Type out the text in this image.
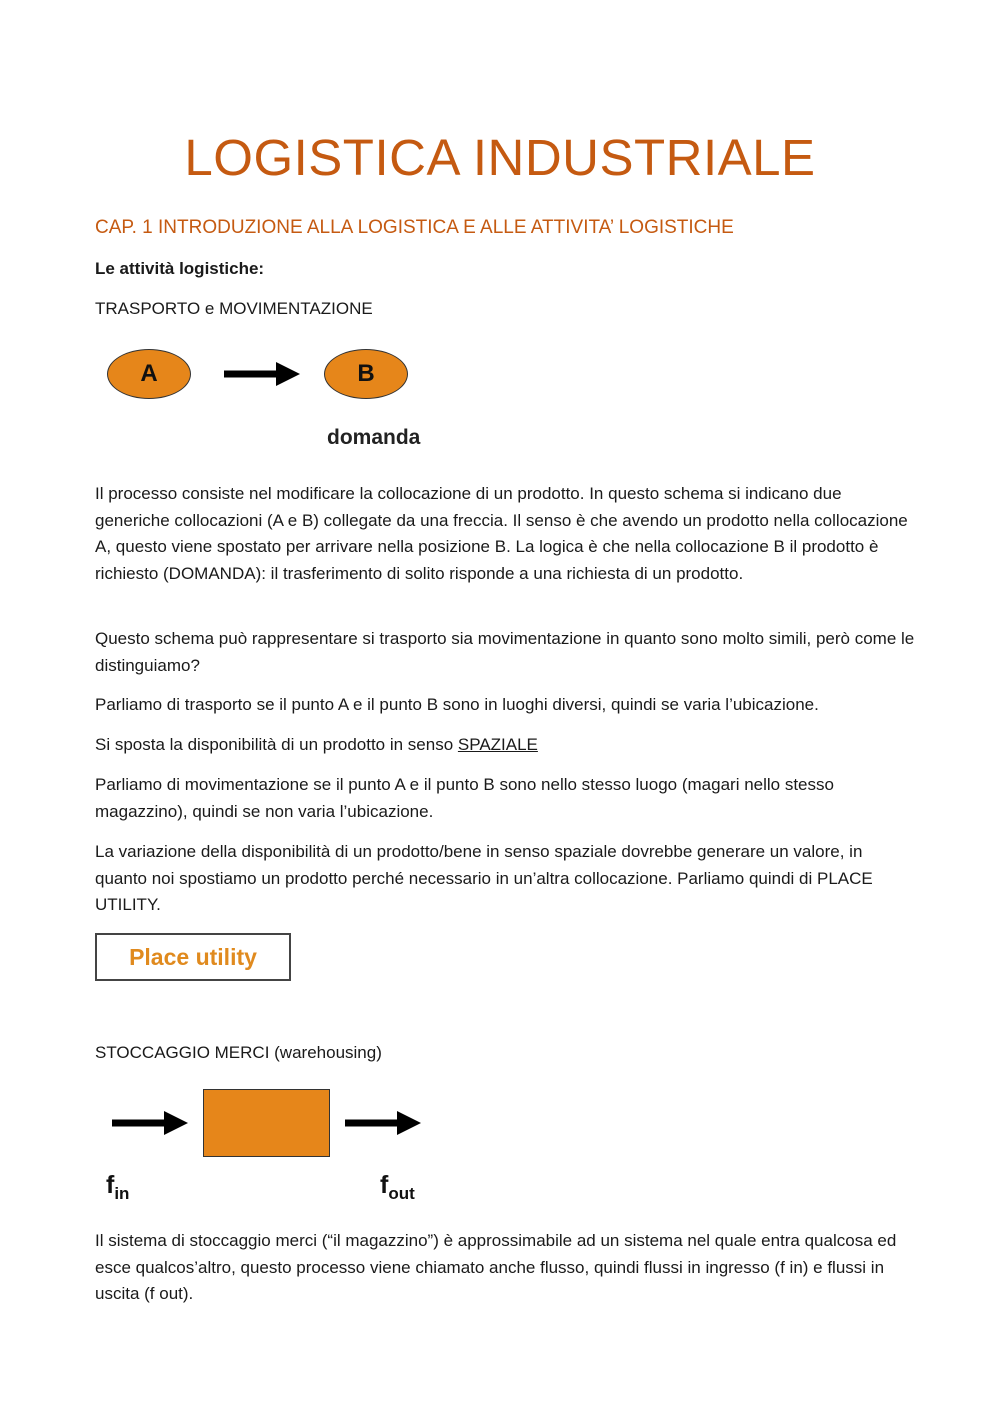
LOGISTICA INDUSTRIALE
CAP. 1 INTRODUZIONE ALLA LOGISTICA E ALLE ATTIVITA’ LOGISTICHE
Le attività logistiche:
TRASPORTO e MOVIMENTAZIONE
A	B
domanda
Il processo consiste nel modificare la collocazione di un prodotto. In questo schema si indicano due generiche collocazioni (A e B) collegate da una freccia. Il senso è che avendo un prodotto nella collocazione A, questo viene spostato per arrivare nella posizione B. La logica è che nella collocazione B il prodotto è richiesto (DOMANDA): il trasferimento di solito risponde a una richiesta di un prodotto.
Questo schema può rappresentare si trasporto sia movimentazione in quanto sono molto simili, però come le distinguiamo?
Parliamo di trasporto se il punto A e il punto B sono in luoghi diversi, quindi se varia l’ubicazione.
Si sposta la disponibilità di un prodotto in senso SPAZIALE
Parliamo di movimentazione se il punto A e il punto B sono nello stesso luogo (magari nello stesso magazzino), quindi se non varia l’ubicazione.
La variazione della disponibilità di un prodotto/bene in senso spaziale dovrebbe generare un valore, in quanto noi spostiamo un prodotto perché necessario in un’altra collocazione. Parliamo quindi di PLACE UTILITY.
Place utility
STOCCAGGIO MERCI (warehousing)
$f_{in}$	$f_{out}$
Il sistema di stoccaggio merci (“il magazzino”) è approssimabile ad un sistema nel quale entra qualcosa ed esce qualcos’altro, questo processo viene chiamato anche flusso, quindi flussi in ingresso (f in) e flussi in uscita (f out).
